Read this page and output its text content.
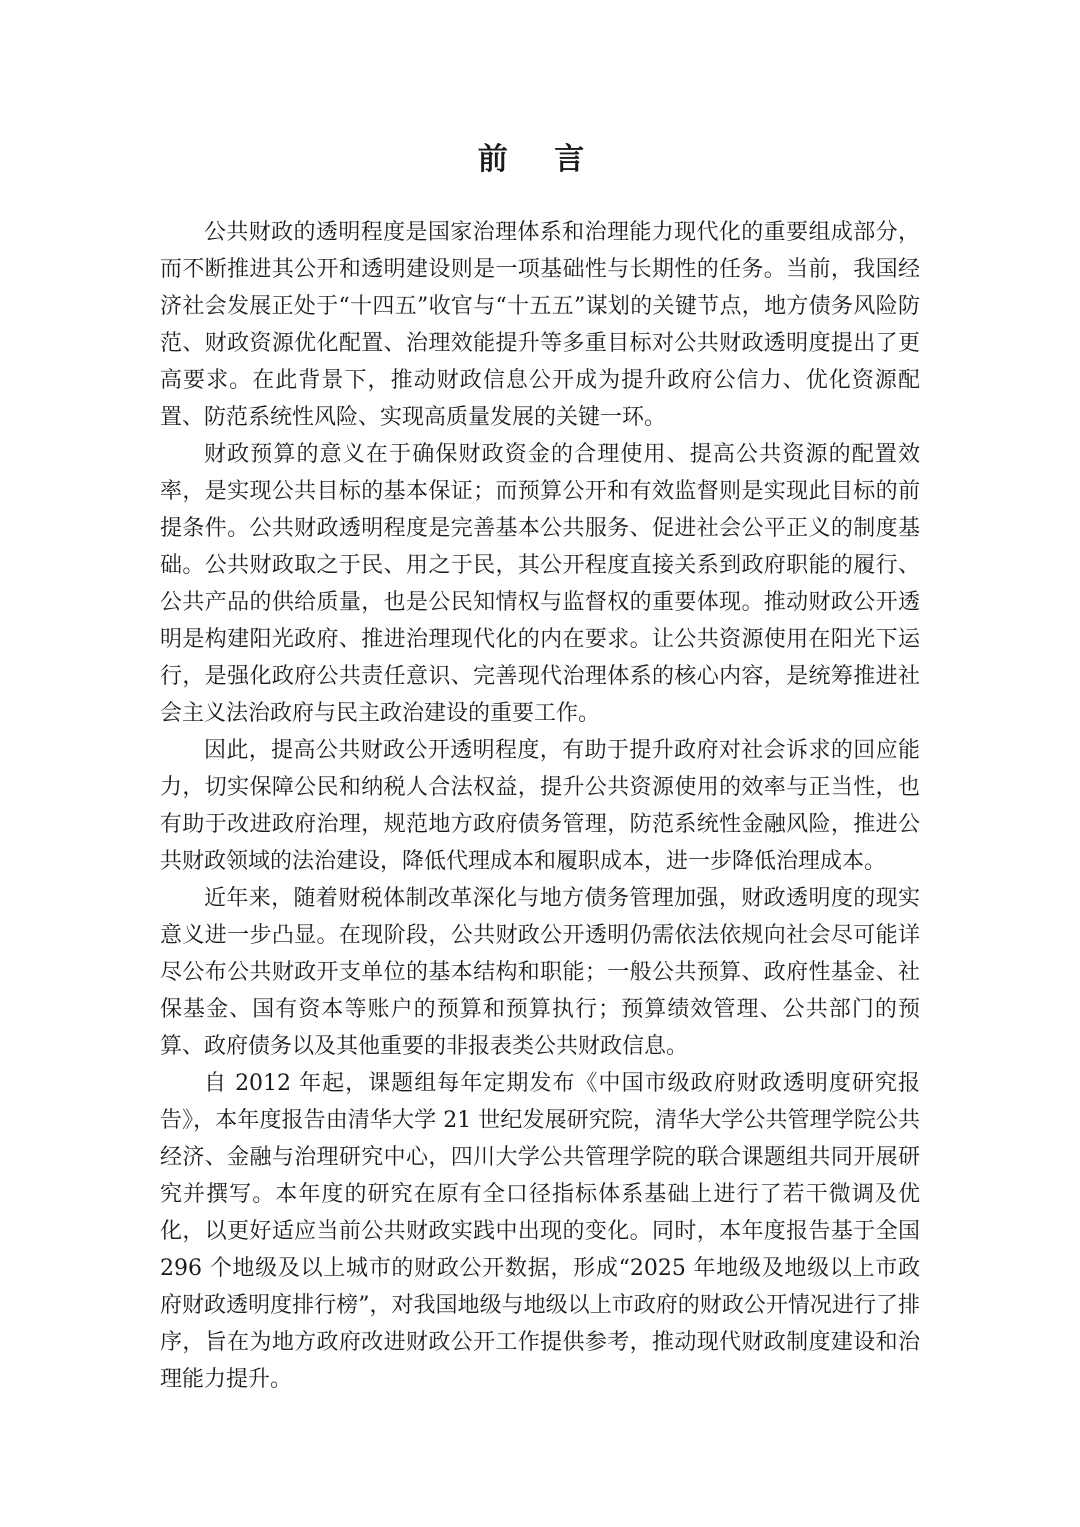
前 言

公共财政的透明程度是国家治理体系和治理能力现代化的重要组成部分，而不断推进其公开和透明建设则是一项基础性与长期性的任务。当前，我国经济社会发展正处于“十四五”收官与“十五五”谋划的关键节点，地方债务风险防范、财政资源优化配置、治理效能提升等多重目标对公共财政透明度提出了更高要求。在此背景下，推动财政信息公开成为提升政府公信力、优化资源配置、防范系统性风险、实现高质量发展的关键一环。

财政预算的意义在于确保财政资金的合理使用、提高公共资源的配置效率，是实现公共目标的基本保证；而预算公开和有效监督则是实现此目标的前提条件。公共财政透明程度是完善基本公共服务、促进社会公平正义的制度基础。公共财政取之于民、用之于民，其公开程度直接关系到政府职能的履行、公共产品的供给质量，也是公民知情权与监督权的重要体现。推动财政公开透明是构建阳光政府、推进治理现代化的内在要求。让公共资源使用在阳光下运行，是强化政府公共责任意识、完善现代治理体系的核心内容，是统筹推进社会主义法治政府与民主政治建设的重要工作。

因此，提高公共财政公开透明程度，有助于提升政府对社会诉求的回应能力，切实保障公民和纳税人合法权益，提升公共资源使用的效率与正当性，也有助于改进政府治理，规范地方政府债务管理，防范系统性金融风险，推进公共财政领域的法治建设，降低代理成本和履职成本，进一步降低治理成本。

近年来，随着财税体制改革深化与地方债务管理加强，财政透明度的现实意义进一步凸显。在现阶段，公共财政公开透明仍需依法依规向社会尽可能详尽公布公共财政开支单位的基本结构和职能；一般公共预算、政府性基金、社保基金、国有资本等账户的预算和预算执行；预算绩效管理、公共部门的预算、政府债务以及其他重要的非报表类公共财政信息。

自 2012 年起，课题组每年定期发布《中国市级政府财政透明度研究报告》，本年度报告由清华大学 21 世纪发展研究院，清华大学公共管理学院公共经济、金融与治理研究中心，四川大学公共管理学院的联合课题组共同开展研究并撰写。本年度的研究在原有全口径指标体系基础上进行了若干微调及优化，以更好适应当前公共财政实践中出现的变化。同时，本年度报告基于全国 296 个地级及以上城市的财政公开数据，形成“2025 年地级及地级以上市政府财政透明度排行榜”，对我国地级与地级以上市政府的财政公开情况进行了排序，旨在为地方政府改进财政公开工作提供参考，推动现代财政制度建设和治理能力提升。
